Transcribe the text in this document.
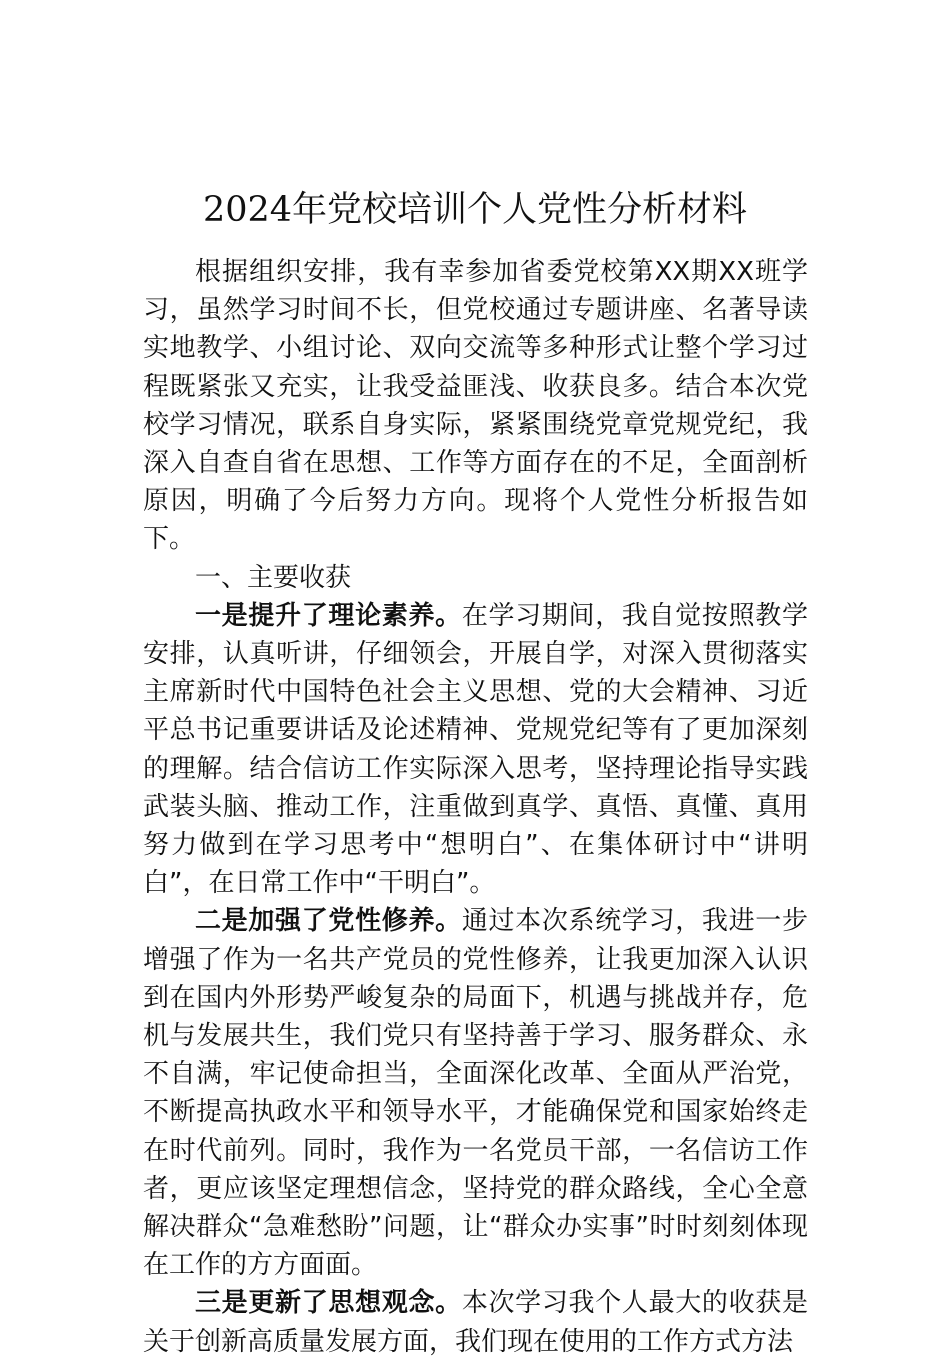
2024年党校培训个人党性分析材料

根据组织安排，我有幸参加省委党校第XX期XX班学习，虽然学习时间不长，但党校通过专题讲座、名著导读实地教学、小组讨论、双向交流等多种形式让整个学习过程既紧张又充实，让我受益匪浅、收获良多。结合本次党校学习情况，联系自身实际，紧紧围绕党章党规党纪，我深入自查自省在思想、工作等方面存在的不足，全面剖析原因，明确了今后努力方向。现将个人党性分析报告如下。

一、主要收获

一是提升了理论素养。在学习期间，我自觉按照教学安排，认真听讲，仔细领会，开展自学，对深入贯彻落实主席新时代中国特色社会主义思想、党的大会精神、习近平总书记重要讲话及论述精神、党规党纪等有了更加深刻的理解。结合信访工作实际深入思考，坚持理论指导实践武装头脑、推动工作，注重做到真学、真悟、真懂、真用努力做到在学习思考中“想明白”、在集体研讨中“讲明白”，在日常工作中“干明白”。

二是加强了党性修养。通过本次系统学习，我进一步增强了作为一名共产党员的党性修养，让我更加深入认识到在国内外形势严峻复杂的局面下，机遇与挑战并存，危机与发展共生，我们党只有坚持善于学习、服务群众、永不自满，牢记使命担当，全面深化改革、全面从严治党，不断提高执政水平和领导水平，才能确保党和国家始终走在时代前列。同时，我作为一名党员干部，一名信访工作者，更应该坚定理想信念，坚持党的群众路线，全心全意解决群众“急难愁盼”问题，让“群众办实事”时时刻刻体现在工作的方方面面。

三是更新了思想观念。本次学习我个人最大的收获是关于创新高质量发展方面，我们现在使用的工作方式方法
